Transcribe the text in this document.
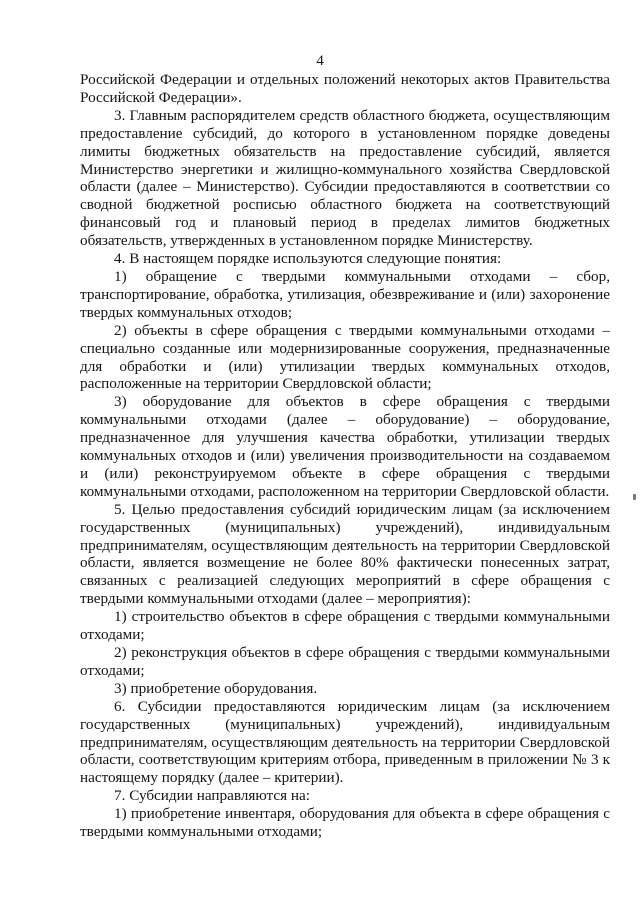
4

Российской Федерации и отдельных положений некоторых актов Правительства Российской Федерации».

3. Главным распорядителем средств областного бюджета, осуществляющим предоставление субсидий, до которого в установленном порядке доведены лимиты бюджетных обязательств на предоставление субсидий, является Министерство энергетики и жилищно-коммунального хозяйства Свердловской области (далее – Министерство). Субсидии предоставляются в соответствии со сводной бюджетной росписью областного бюджета на соответствующий финансовый год и плановый период в пределах лимитов бюджетных обязательств, утвержденных в установленном порядке Министерству.

4. В настоящем порядке используются следующие понятия:

1) обращение с твердыми коммунальными отходами – сбор, транспортирование, обработка, утилизация, обезвреживание и (или) захоронение твердых коммунальных отходов;

2) объекты в сфере обращения с твердыми коммунальными отходами – специально созданные или модернизированные сооружения, предназначенные для обработки и (или) утилизации твердых коммунальных отходов, расположенные на территории Свердловской области;

3) оборудование для объектов в сфере обращения с твердыми коммунальными отходами (далее – оборудование) – оборудование, предназначенное для улучшения качества обработки, утилизации твердых коммунальных отходов и (или) увеличения производительности на создаваемом и (или) реконструируемом объекте в сфере обращения с твердыми коммунальными отходами, расположенном на территории Свердловской области.

5. Целью предоставления субсидий юридическим лицам (за исключением государственных (муниципальных) учреждений), индивидуальным предпринимателям, осуществляющим деятельность на территории Свердловской области, является возмещение не более 80% фактически понесенных затрат, связанных с реализацией следующих мероприятий в сфере обращения с твердыми коммунальными отходами (далее – мероприятия):

1) строительство объектов в сфере обращения с твердыми коммунальными отходами;

2) реконструкция объектов в сфере обращения с твердыми коммунальными отходами;

3) приобретение оборудования.

6. Субсидии предоставляются юридическим лицам (за исключением государственных (муниципальных) учреждений), индивидуальным предпринимателям, осуществляющим деятельность на территории Свердловской области, соответствующим критериям отбора, приведенным в приложении № 3 к настоящему порядку (далее – критерии).

7. Субсидии направляются на:

1) приобретение инвентаря, оборудования для объекта в сфере обращения с твердыми коммунальными отходами;
